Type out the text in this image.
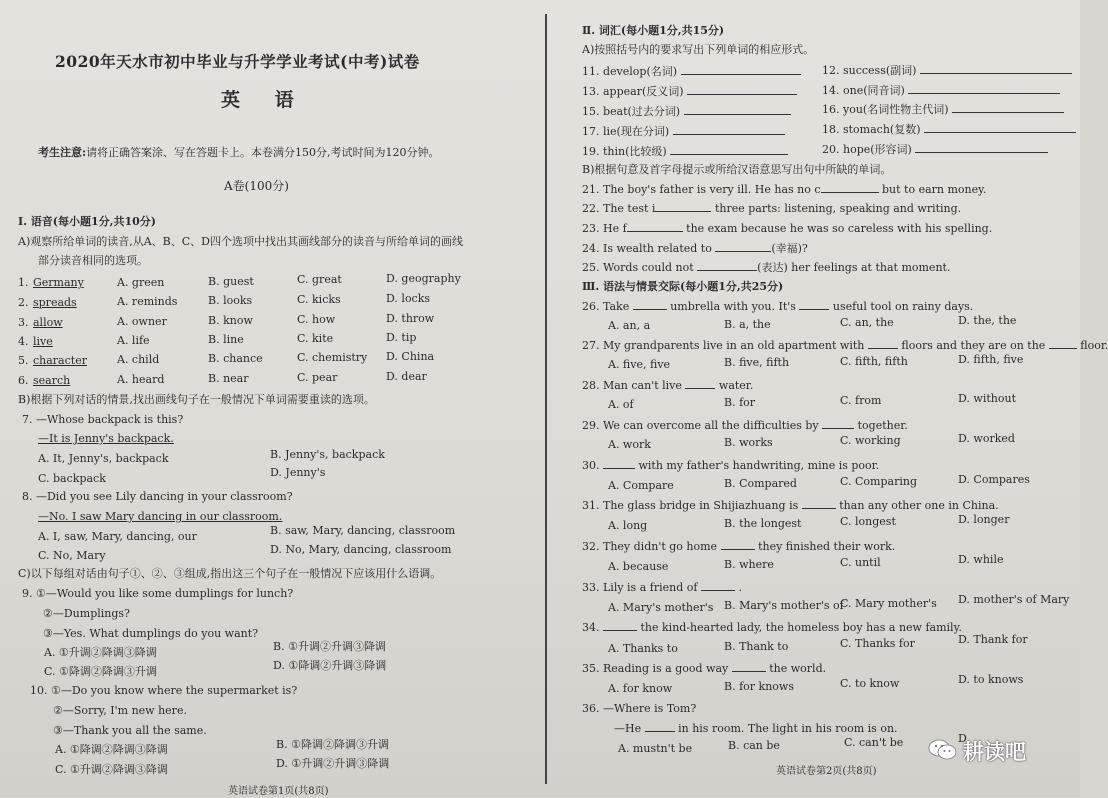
2020年天水市初中毕业与升学学业考试(中考)试卷
英 语
考生注意:请将正确答案涂、写在答题卡上。本卷满分150分,考试时间为120分钟。
A卷(100分)
Ⅰ. 语音(每小题1分,共10分)
A)观察所给单词的读音,从A、B、C、D四个选项中找出其画线部分的读音与所给单词的画线
部分读音相同的选项。
1. Germany	A. green	B. guest	C. great	D. geography
2. spreads	A. reminds	B. looks	C. kicks	D. locks
3. allow	A. owner	B. know	C. how	D. throw
4. live	A. life	B. line	C. kite	D. tip
5. character	A. child	B. chance	C. chemistry D. China
6. search	A. heard	B. near	C. pear	D. dear
B)根据下列对话的情景,找出画线句子在一般情况下单词需要重读的选项。
7. —Whose backpack is this?
—It is Jenny's backpack.
A. It, Jenny's, backpack	B. Jenny's, backpack
C. backpack	D. Jenny's
8. —Did you see Lily dancing in your classroom?
—No. I saw Mary dancing in our classroom.
A. I, saw, Mary, dancing, our	B. saw, Mary, dancing, classroom
C. No, Mary	D. No, Mary, dancing, classroom
C)以下每组对话由句子①、②、③组成,指出这三个句子在一般情况下应该用什么语调。
9. ①—Would you like some dumplings for lunch?
②—Dumplings?
③—Yes. What dumplings do you want?
A. ①升调②降调③降调	B. ①升调②升调③降调
C. ①降调②降调③升调	D. ①降调②升调③降调
10. ①—Do you know where the supermarket is?
②—Sorry, I'm new here.
③—Thank you all the same.
A. ①降调②降调③降调	B. ①降调②降调③升调
C. ①升调②降调③降调	D. ①升调②升调③降调
英语试卷第1页(共8页)
Ⅱ. 词汇(每小题1分,共15分)
A)按照括号内的要求写出下列单词的相应形式。
11. develop(名词)	12. success(副词)
13. appear(反义词)	14. one(同音词)
15. beat(过去分词)	16. you(名词性物主代词)
17. lie(现在分词)	18. stomach(复数)
19. thin(比较级)	20. hope(形容词)
B)根据句意及首字母提示或所给汉语意思写出句中所缺的单词。
21. The boy's father is very ill. He has no c	but to earn money.
22. The test i	three parts: listening, speaking and writing.
23. He f	the exam because he was so careless with his spelling.
24. Is wealth related to	(幸福)?
25. Words could not	(表达) her feelings at that moment.
Ⅲ. 语法与情景交际(每小题1分,共25分)
26. Take	umbrella with you. It's	useful tool on rainy days.
A. an, a	B. a, the	C. an, the	D. the, the
27. My grandparents live in an old apartment with	floors and they are on the	floor.
A. five, five	B. five, fifth	C. fifth, fifth	D. fifth, five
28. Man can't live	water.
A. of	B. for	C. from	D. without
29. We can overcome all the difficulties by	together.
A. work	B. works	C. working	D. worked
30.	with my father's handwriting, mine is poor.
A. Compare	B. Compared	C. Comparing	D. Compares
31. The glass bridge in Shijiazhuang is	than any other one in China.
A. long	B. the longest	C. longest	D. longer
32. They didn't go home	they finished their work.
A. because	B. where	C. until	D. while
33. Lily is a friend of	.
A. Mary's mother's B. Mary's mother's of
C. Mary mother's D. mother's of Mary
34.	the kind-hearted lady, the homeless boy has a new family.
A. Thanks to	B. Thank to	C. Thanks for	D. Thank for
35. Reading is a good way	the world.
A. for know	B. for knows	C. to know	D. to knows
36. —Where is Tom?
—He	in his room. The light in his room is on.
A. mustn't be	B. can be	C. can't be	D.
英语试卷第2页(共8页)
耕读吧
